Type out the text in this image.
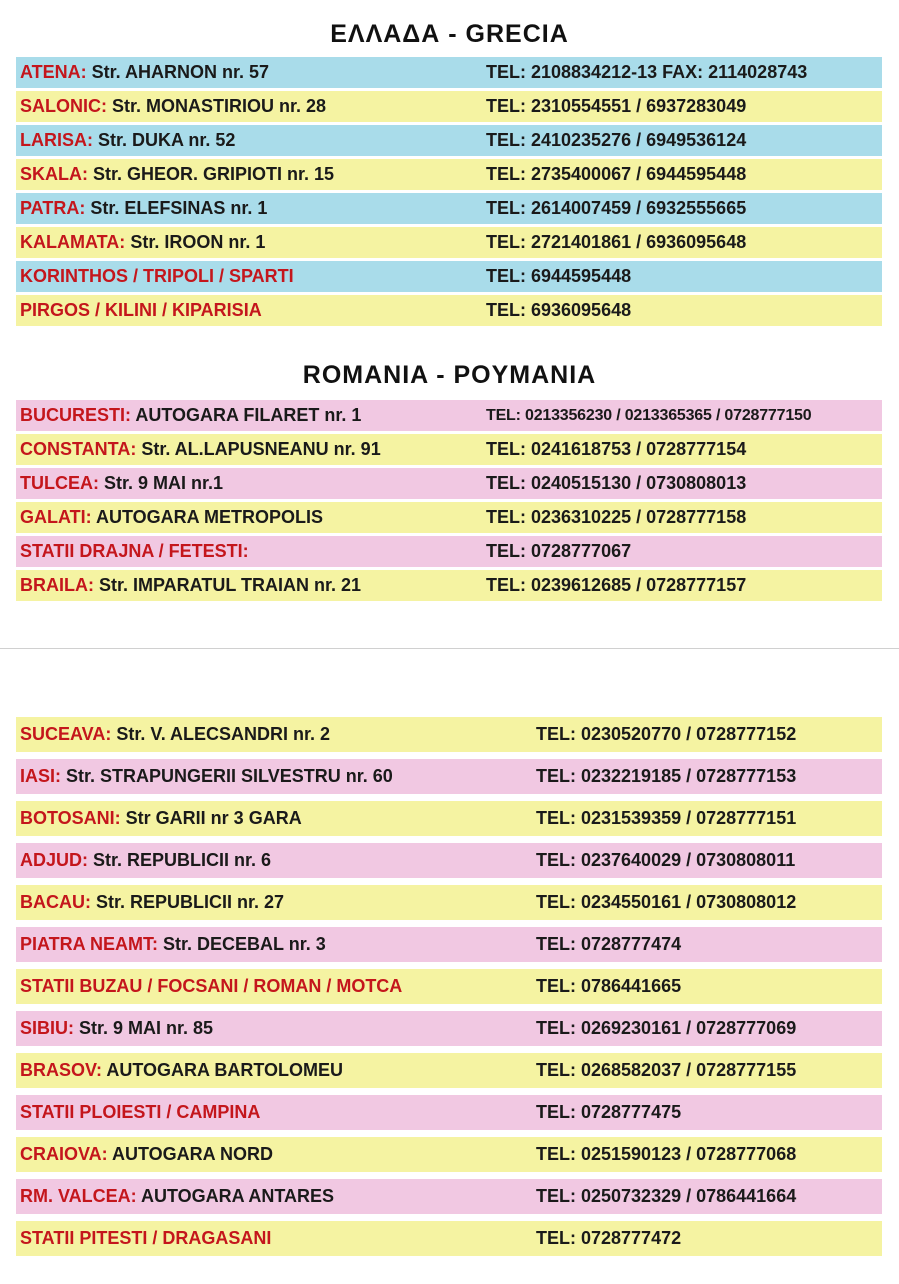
ΕΛΛΑΔΑ - GRECIA
ATENA: Str. AHARNON nr. 57	TEL: 2108834212-13 FAX: 2114028743
SALONIC: Str. MONASTIRIOU nr. 28	TEL: 2310554551 / 6937283049
LARISA: Str. DUKA nr. 52	TEL: 2410235276 / 6949536124
SKALA: Str. GHEOR. GRIPIOTI nr. 15	TEL: 2735400067 / 6944595448
PATRA: Str. ELEFSINAS nr. 1	TEL: 2614007459 / 6932555665
KALAMATA: Str. IROON nr. 1	TEL: 2721401861 / 6936095648
KORINTHOS / TRIPOLI / SPARTI	TEL: 6944595448
PIRGOS / KILINI / KIPARISIA	TEL: 6936095648
ROMANIA - POYMANIA
BUCURESTI: AUTOGARA FILARET nr. 1	TEL: 0213356230 / 0213365365 / 0728777150
CONSTANTA: Str. AL.LAPUSNEANU nr. 91	TEL: 0241618753 / 0728777154
TULCEA: Str. 9 MAI nr.1	TEL: 0240515130 / 0730808013
GALATI: AUTOGARA METROPOLIS	TEL: 0236310225 / 0728777158
STATII DRAJNA / FETESTI:	TEL: 0728777067
BRAILA: Str. IMPARATUL TRAIAN nr. 21	TEL: 0239612685 / 0728777157
SUCEAVA: Str. V. ALECSANDRI nr. 2	TEL: 0230520770 / 0728777152
IASI: Str. STRAPUNGERII SILVESTRU nr. 60	TEL: 0232219185 / 0728777153
BOTOSANI: Str GARII nr 3 GARA	TEL: 0231539359 / 0728777151
ADJUD: Str. REPUBLICII nr. 6	TEL: 0237640029 / 0730808011
BACAU: Str. REPUBLICII nr. 27	TEL: 0234550161 / 0730808012
PIATRA NEAMT: Str. DECEBAL nr. 3	TEL: 0728777474
STATII BUZAU / FOCSANI / ROMAN / MOTCA	TEL: 0786441665
SIBIU: Str. 9 MAI nr. 85	TEL: 0269230161 / 0728777069
BRASOV: AUTOGARA BARTOLOMEU	TEL: 0268582037 / 0728777155
STATII PLOIESTI / CAMPINA	TEL: 0728777475
CRAIOVA: AUTOGARA NORD	TEL: 0251590123 / 0728777068
RM. VALCEA: AUTOGARA ANTARES	TEL: 0250732329 / 0786441664
STATII PITESTI / DRAGASANI	TEL: 0728777472
